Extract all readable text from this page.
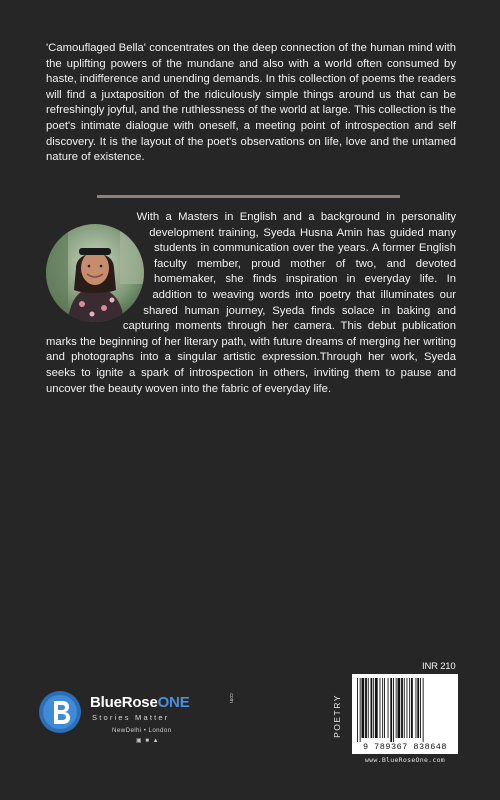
'Camouflaged Bella' concentrates on the deep connection of the human mind with the uplifting powers of the mundane and also with a world often consumed by haste, indifference and unending demands. In this collection of poems the readers will find a juxtaposition of the ridiculously simple things around us that can be refreshingly joyful, and the ruthlessness of the world at large. This collection is the poet's intimate dialogue with oneself, a meeting point of introspection and self discovery. It is the layout of the poet's observations on life, love and the untamed nature of existence.
With a Masters in English and a background in personality development training, Syeda Husna Amin has guided many students in communication over the years. A former English faculty member, proud mother of two, and devoted homemaker, she finds inspiration in everyday life. In addition to weaving words into poetry that illuminates our shared human journey, Syeda finds solace in baking and capturing moments through her camera. This debut publication marks the beginning of her literary path, with future dreams of merging her writing and photographs into a singular artistic expression.Through her work, Syeda seeks to ignite a spark of introspection in others, inviting them to pause and uncover the beauty woven into the fabric of everyday life.
BlueRoseONE	.com
Stories Matter
NewDelhi • London
▣ ■ ▲
POETRY
INR 210
9 789367 838648
www.BlueRoseOne.com
